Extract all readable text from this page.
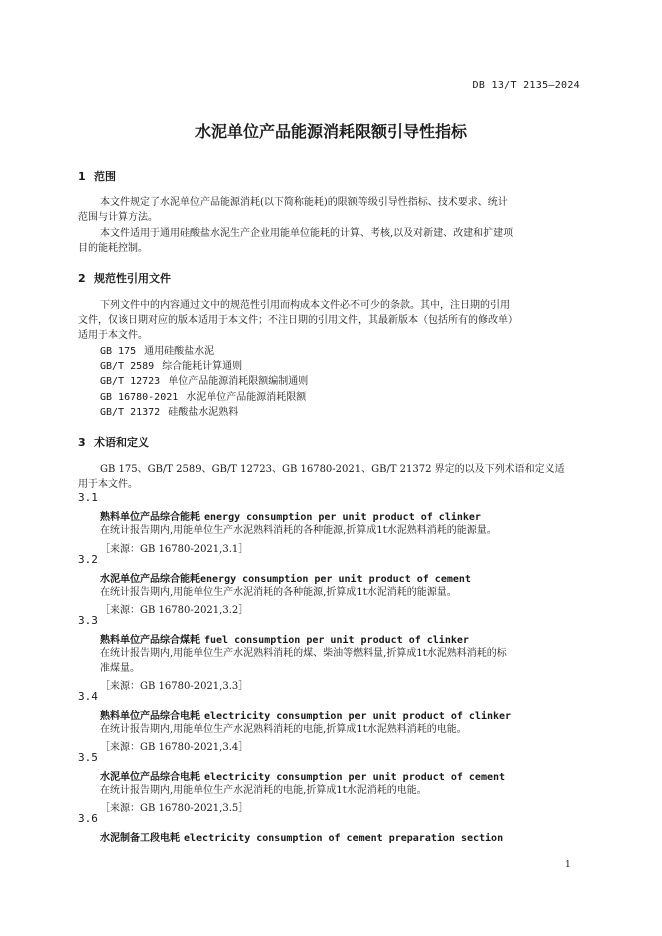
DB 13/T 2135—2024
水泥单位产品能源消耗限额引导性指标
1 范围
本文件规定了水泥单位产品能源消耗(以下简称能耗)的限额等级引导性指标、技术要求、统计
范围与计算方法。
本文件适用于通用硅酸盐水泥生产企业用能单位能耗的计算、考核,以及对新建、改建和扩建项
目的能耗控制。
2 规范性引用文件
下列文件中的内容通过文中的规范性引用而构成本文件必不可少的条款。其中，注日期的引用
文件，仅该日期对应的版本适用于本文件；不注日期的引用文件，其最新版本（包括所有的修改单）
适用于本文件。
GB 175 通用硅酸盐水泥
GB/T 2589 综合能耗计算通则
GB/T 12723 单位产品能源消耗限额编制通则
GB 16780-2021 水泥单位产品能源消耗限额
GB/T 21372 硅酸盐水泥熟料
3 术语和定义
GB 175、GB/T 2589、GB/T 12723、GB 16780-2021、GB/T 21372 界定的以及下列术语和定义适
用于本文件。
3.1
熟料单位产品综合能耗 energy consumption per unit product of clinker
在统计报告期内,用能单位生产水泥熟料消耗的各种能源,折算成1t水泥熟料消耗的能源量。
［来源：GB 16780-2021,3.1］
3.2
水泥单位产品综合能耗energy consumption per unit product of cement
在统计报告期内,用能单位生产水泥消耗的各种能源,折算成1t水泥消耗的能源量。
［来源：GB 16780-2021,3.2］
3.3
熟料单位产品综合煤耗 fuel consumption per unit product of clinker
在统计报告期内,用能单位生产水泥熟料消耗的煤、柴油等燃料量,折算成1t水泥熟料消耗的标
准煤量。
［来源：GB 16780-2021,3.3］
3.4
熟料单位产品综合电耗 electricity consumption per unit product of clinker
在统计报告期内,用能单位生产水泥熟料消耗的电能,折算成1t水泥熟料消耗的电能。
［来源：GB 16780-2021,3.4］
3.5
水泥单位产品综合电耗 electricity consumption per unit product of cement
在统计报告期内,用能单位生产水泥消耗的电能,折算成1t水泥消耗的电能。
［来源：GB 16780-2021,3.5］
3.6
水泥制备工段电耗 electricity consumption of cement preparation section
1
